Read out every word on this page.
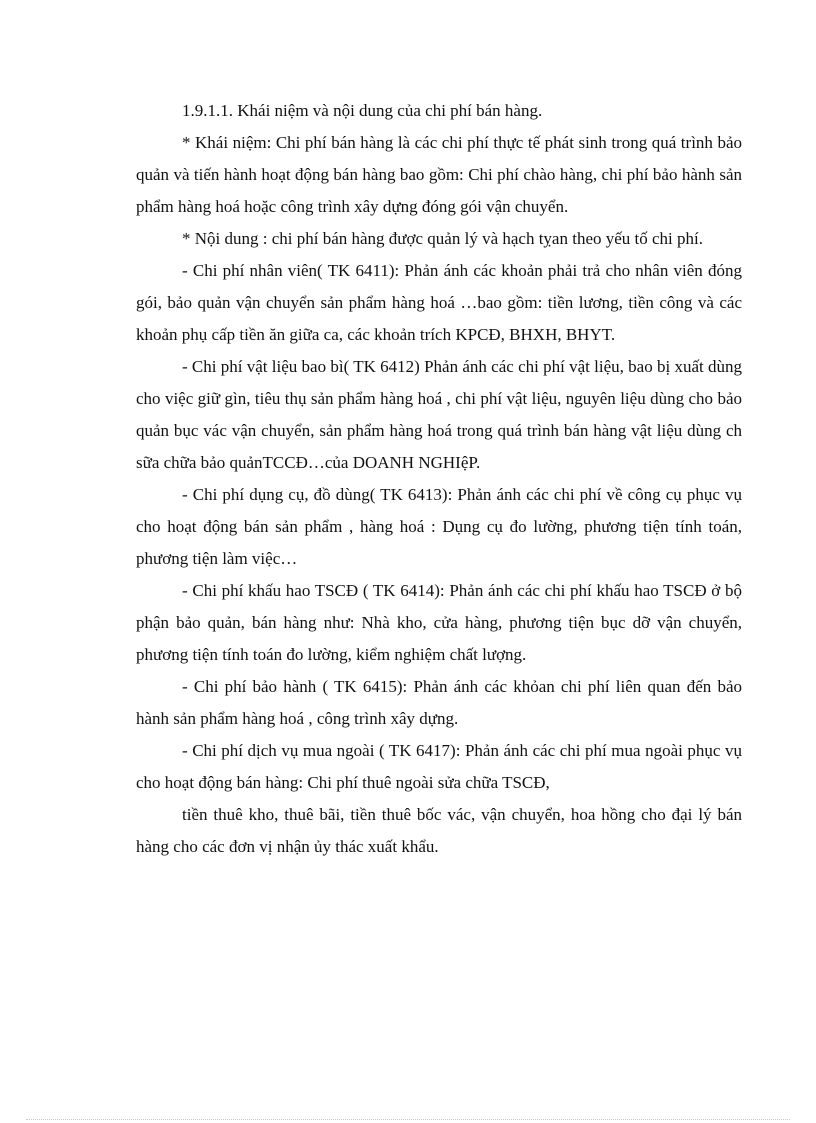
1.9.1.1. Khái niệm và nội dung của chi phí bán hàng.

* Khái niệm: Chi phí bán hàng là các chi phí thực tế phát sinh trong quá trình bảo quản và tiến hành hoạt động bán hàng bao gồm: Chi phí chào hàng, chi phí bảo hành sản phẩm hàng hoá hoặc công trình xây dựng đóng gói vận chuyển.

* Nội dung : chi phí bán hàng được quản lý và hạch tỵan theo yếu tố chi phí.

- Chi phí nhân viên( TK 6411): Phản ánh các khoản phải trả cho nhân viên đóng gói, bảo quản vận chuyển sản phẩm hàng hoá …bao gồm: tiền lương, tiền công và các khoản phụ cấp tiền ăn giữa ca, các khoản trích KPCĐ, BHXH, BHYT.

- Chi phí vật liệu bao bì( TK 6412) Phản ánh các chi phí vật liệu, bao bị xuất dùng cho việc giữ gìn, tiêu thụ sản phẩm hàng hoá , chi phí vật liệu, nguyên liệu dùng cho bảo quản bục vác vận chuyển, sản phẩm hàng hoá trong quá trình bán hàng vật liệu dùng ch sữa chữa bảo quảnTCCĐ…của DOANH NGHIệP.

- Chi phí dụng cụ, đồ dùng( TK 6413): Phản ánh các chi phí về công cụ phục vụ cho hoạt động bán sản phẩm , hàng hoá : Dụng cụ đo lường, phương tiện tính toán, phương tiện làm việc…

- Chi phí khấu hao TSCĐ ( TK 6414): Phản ánh các chi phí khấu hao TSCĐ ở bộ phận bảo quản, bán hàng như: Nhà kho, cửa hàng, phương tiện bục dỡ vận chuyển, phương tiện tính toán đo lường, kiểm nghiệm chất lượng.

- Chi phí bảo hành ( TK 6415): Phản ánh các khỏan chi phí liên quan đến bảo hành sản phẩm hàng hoá , công trình xây dựng.

- Chi phí dịch vụ mua ngoài ( TK 6417): Phản ánh các chi phí mua ngoài phục vụ cho hoạt động bán hàng: Chi phí thuê ngoài sửa chữa TSCĐ,

tiền thuê kho, thuê bãi, tiền thuê bốc vác, vận chuyển, hoa hồng cho đại lý bán hàng cho các đơn vị nhận ủy thác xuất khẩu.
